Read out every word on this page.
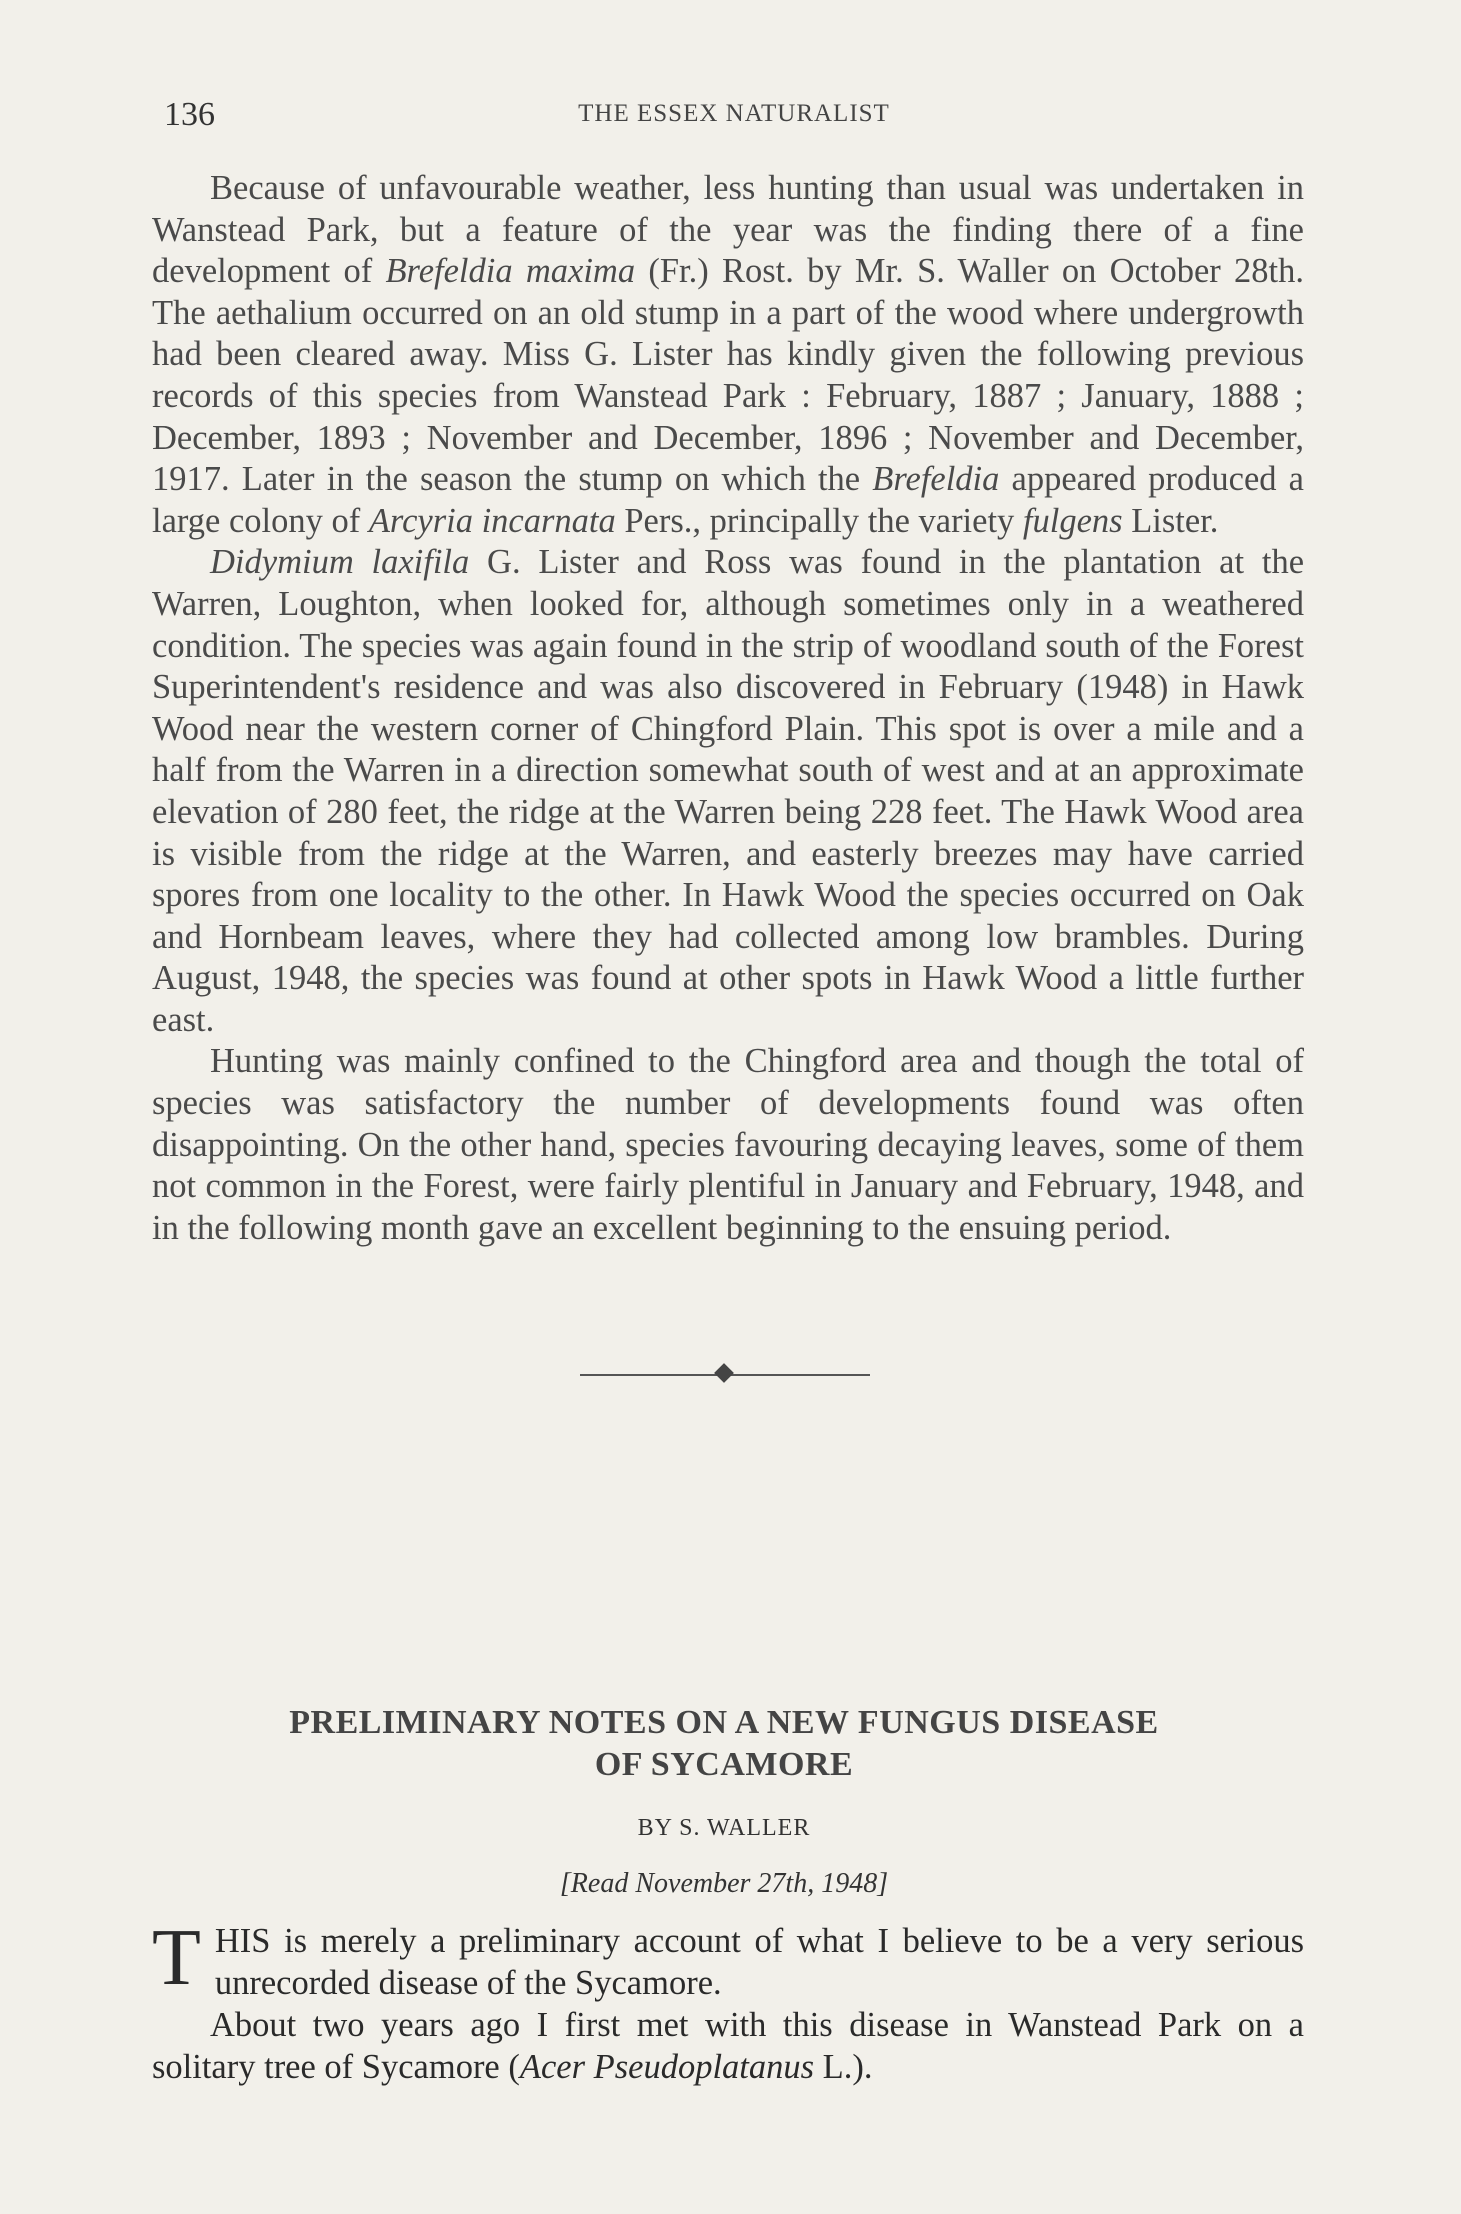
136	THE ESSEX NATURALIST

Because of unfavourable weather, less hunting than usual was undertaken in Wanstead Park, but a feature of the year was the finding there of a fine development of Brefeldia maxima (Fr.) Rost. by Mr. S. Waller on October 28th. The aethalium occurred on an old stump in a part of the wood where undergrowth had been cleared away. Miss G. Lister has kindly given the following previous records of this species from Wanstead Park : February, 1887 ; January, 1888 ; December, 1893 ; November and December, 1896 ; November and December, 1917. Later in the season the stump on which the Brefeldia appeared produced a large colony of Arcyria incarnata Pers., principally the variety fulgens Lister.

Didymium laxifila G. Lister and Ross was found in the plantation at the Warren, Loughton, when looked for, although sometimes only in a weathered condition. The species was again found in the strip of woodland south of the Forest Superintendent's residence and was also discovered in February (1948) in Hawk Wood near the western corner of Chingford Plain. This spot is over a mile and a half from the Warren in a direction somewhat south of west and at an approximate elevation of 280 feet, the ridge at the Warren being 228 feet. The Hawk Wood area is visible from the ridge at the Warren, and easterly breezes may have carried spores from one locality to the other. In Hawk Wood the species occurred on Oak and Hornbeam leaves, where they had collected among low brambles. During August, 1948, the species was found at other spots in Hawk Wood a little further east.

Hunting was mainly confined to the Chingford area and though the total of species was satisfactory the number of developments found was often disappointing. On the other hand, species favouring decaying leaves, some of them not common in the Forest, were fairly plentiful in January and February, 1948, and in the following month gave an excellent beginning to the ensuing period.

PRELIMINARY NOTES ON A NEW FUNGUS DISEASE
OF SYCAMORE
BY S. WALLER
[Read November 27th, 1948]

THIS is merely a preliminary account of what I believe to be a very serious unrecorded disease of the Sycamore.

About two years ago I first met with this disease in Wanstead Park on a solitary tree of Sycamore (Acer Pseudoplatanus L.).
